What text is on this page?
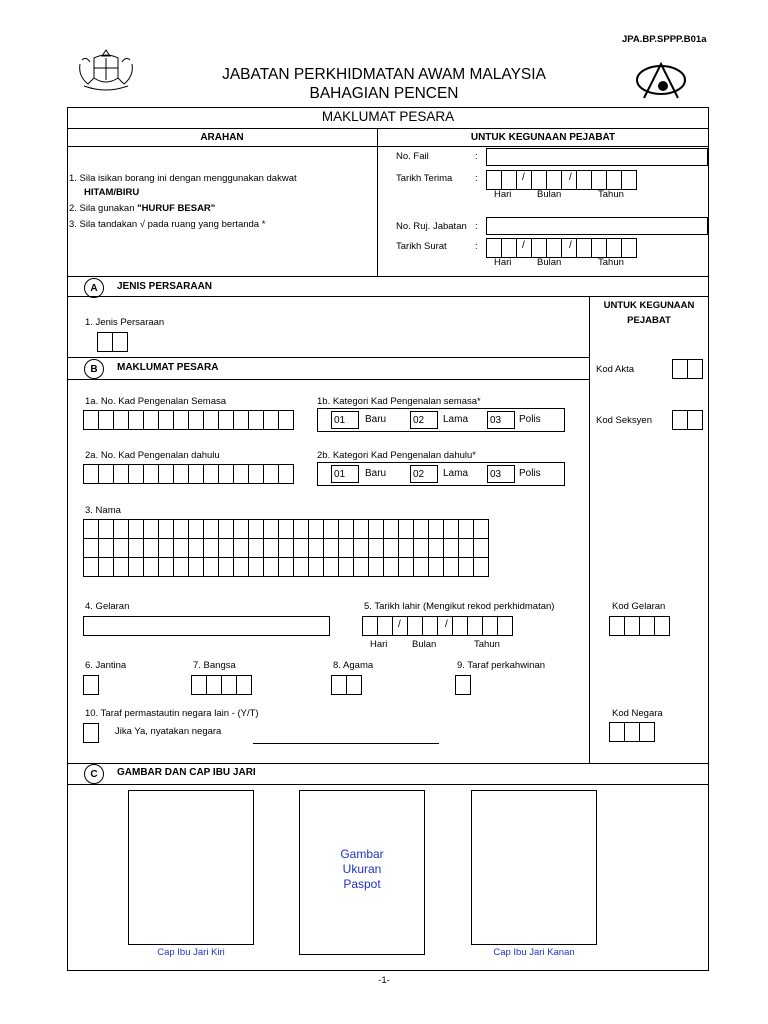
JPA.BP.SPPP.B01a
JABATAN PERKHIDMATAN AWAM MALAYSIA
BAHAGIAN PENCEN
MAKLUMAT PESARA
ARAHAN	UNTUK KEGUNAAN PEJABAT
1. Sila isikan borang ini dengan menggunakan dakwat
HITAM/BIRU
2. Sila gunakan "HURUF BESAR"
3. Sila tandakan √ pada ruang yang bertanda *
No. Fail	:
Tarikh Terima :	/	/
Hari	Bulan	Tahun
No. Ruj. Jabatan :
Tarikh Surat	:	/	/
Hari	Bulan	Tahun
A	JENIS PERSARAAN
UNTUK KEGUNAAN
PEJABAT
1. Jenis Persaraan
B	MAKLUMAT PESARA	Kod Akta
Kod Seksyen
1a. No. Kad Pengenalan Semasa	1b. Kategori Kad Pengenalan semasa*
01	Baru	02	Lama	03	Polis
2a. No. Kad Pengenalan dahulu	2b. Kategori Kad Pengenalan dahulu*
01	Baru	02	Lama	03	Polis
3. Nama
4. Gelaran	5. Tarikh lahir (Mengikut rekod perkhidmatan)
/	/
Hari	Bulan	Tahun
Kod Gelaran
6. Jantina	7. Bangsa	8. Agama	9. Taraf perkahwinan
10. Taraf permastautin negara lain - (Y/T)
Jika Ya, nyatakan negara
Kod Negara
C	GAMBAR DAN CAP IBU JARI
Gambar
Ukuran
Paspot
Cap Ibu Jari Kiri	Cap Ibu Jari Kanan
-1-
